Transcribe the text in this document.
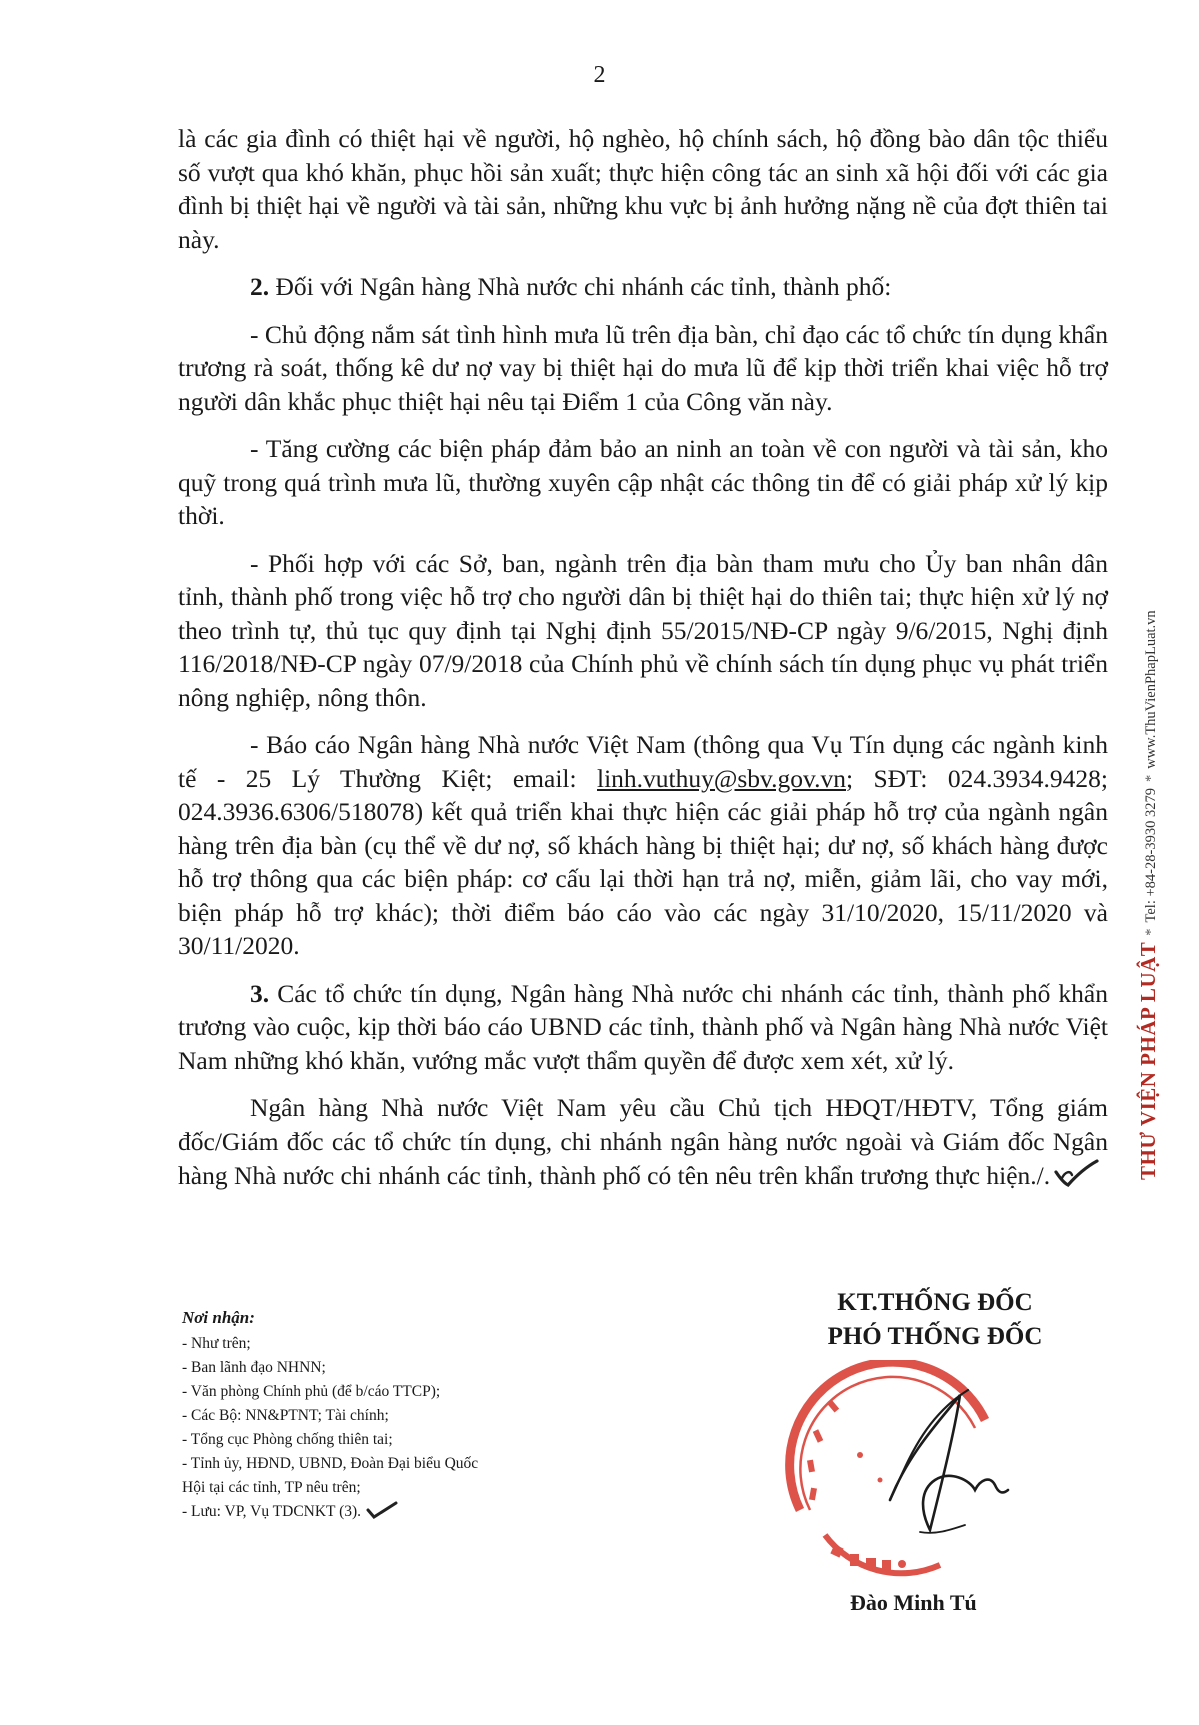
2

là các gia đình có thiệt hại về người, hộ nghèo, hộ chính sách, hộ đồng bào dân tộc thiểu số vượt qua khó khăn, phục hồi sản xuất; thực hiện công tác an sinh xã hội đối với các gia đình bị thiệt hại về người và tài sản, những khu vực bị ảnh hưởng nặng nề của đợt thiên tai này.

2. Đối với Ngân hàng Nhà nước chi nhánh các tỉnh, thành phố:

- Chủ động nắm sát tình hình mưa lũ trên địa bàn, chỉ đạo các tổ chức tín dụng khẩn trương rà soát, thống kê dư nợ vay bị thiệt hại do mưa lũ để kịp thời triển khai việc hỗ trợ người dân khắc phục thiệt hại nêu tại Điểm 1 của Công văn này.

- Tăng cường các biện pháp đảm bảo an ninh an toàn về con người và tài sản, kho quỹ trong quá trình mưa lũ, thường xuyên cập nhật các thông tin để có giải pháp xử lý kịp thời.

- Phối hợp với các Sở, ban, ngành trên địa bàn tham mưu cho Ủy ban nhân dân tỉnh, thành phố trong việc hỗ trợ cho người dân bị thiệt hại do thiên tai; thực hiện xử lý nợ theo trình tự, thủ tục quy định tại Nghị định 55/2015/NĐ-CP ngày 9/6/2015, Nghị định 116/2018/NĐ-CP ngày 07/9/2018 của Chính phủ về chính sách tín dụng phục vụ phát triển nông nghiệp, nông thôn.

- Báo cáo Ngân hàng Nhà nước Việt Nam (thông qua Vụ Tín dụng các ngành kinh tế - 25 Lý Thường Kiệt; email: linh.vuthuy@sbv.gov.vn; SĐT: 024.3934.9428; 024.3936.6306/518078) kết quả triển khai thực hiện các giải pháp hỗ trợ của ngành ngân hàng trên địa bàn (cụ thể về dư nợ, số khách hàng bị thiệt hại; dư nợ, số khách hàng được hỗ trợ thông qua các biện pháp: cơ cấu lại thời hạn trả nợ, miễn, giảm lãi, cho vay mới, biện pháp hỗ trợ khác); thời điểm báo cáo vào các ngày 31/10/2020, 15/11/2020 và 30/11/2020.

3. Các tổ chức tín dụng, Ngân hàng Nhà nước chi nhánh các tỉnh, thành phố khẩn trương vào cuộc, kịp thời báo cáo UBND các tỉnh, thành phố và Ngân hàng Nhà nước Việt Nam những khó khăn, vướng mắc vượt thẩm quyền để được xem xét, xử lý.

Ngân hàng Nhà nước Việt Nam yêu cầu Chủ tịch HĐQT/HĐTV, Tổng giám đốc/Giám đốc các tổ chức tín dụng, chi nhánh ngân hàng nước ngoài và Giám đốc Ngân hàng Nhà nước chi nhánh các tỉnh, thành phố có tên nêu trên khẩn trương thực hiện./.

Nơi nhận:
- Như trên;
- Ban lãnh đạo NHNN;
- Văn phòng Chính phủ (để b/cáo TTCP);
- Các Bộ: NN&PTNT; Tài chính;
- Tổng cục Phòng chống thiên tai;
- Tỉnh ủy, HĐND, UBND, Đoàn Đại biểu Quốc Hội tại các tỉnh, TP nêu trên;
- Lưu: VP, Vụ TDCNKT (3).
KT.THỐNG ĐỐC
PHÓ THỐNG ĐỐC
Đào Minh Tú
THƯ VIỆN PHÁP LUẬT*Tel: +84-28-3930 3279*www.ThuVienPhapLuat.vn
